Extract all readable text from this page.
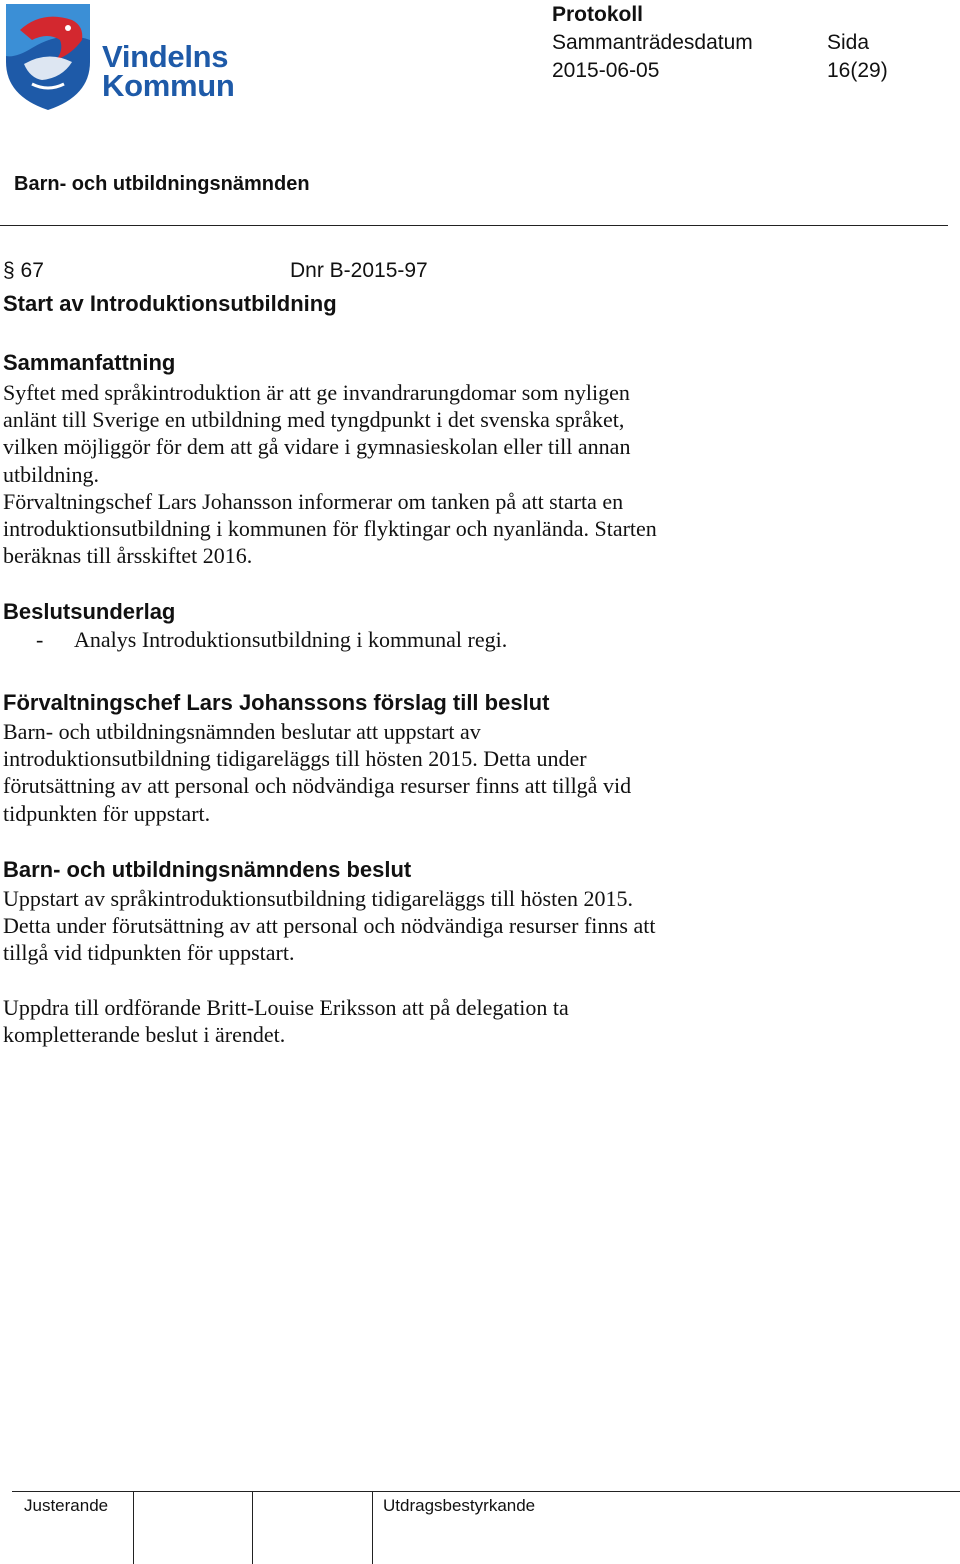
Vindelns
Kommun
Protokoll
Sammanträdesdatum	Sida
2015-06-05	16(29)
Barn- och utbildningsnämnden
§ 67	Dnr B-2015-97
Start av Introduktionsutbildning
Sammanfattning
Syftet med språkintroduktion är att ge invandrarungdomar som nyligen
anlänt till Sverige en utbildning med tyngdpunkt i det svenska språket,
vilken möjliggör för dem att gå vidare i gymnasieskolan eller till annan
utbildning.
Förvaltningschef Lars Johansson informerar om tanken på att starta en
introduktionsutbildning i kommunen för flyktingar och nyanlända. Starten
beräknas till årsskiftet 2016.
Beslutsunderlag
- Analys Introduktionsutbildning i kommunal regi.
Förvaltningschef Lars Johanssons förslag till beslut
Barn- och utbildningsnämnden beslutar att uppstart av
introduktionsutbildning tidigareläggs till hösten 2015. Detta under
förutsättning av att personal och nödvändiga resurser finns att tillgå vid
tidpunkten för uppstart.
Barn- och utbildningsnämndens beslut
Uppstart av språkintroduktionsutbildning tidigareläggs till hösten 2015.
Detta under förutsättning av att personal och nödvändiga resurser finns att
tillgå vid tidpunkten för uppstart.
Uppdra till ordförande Britt-Louise Eriksson att på delegation ta
kompletterande beslut i ärendet.
Justerande	Utdragsbestyrkande
